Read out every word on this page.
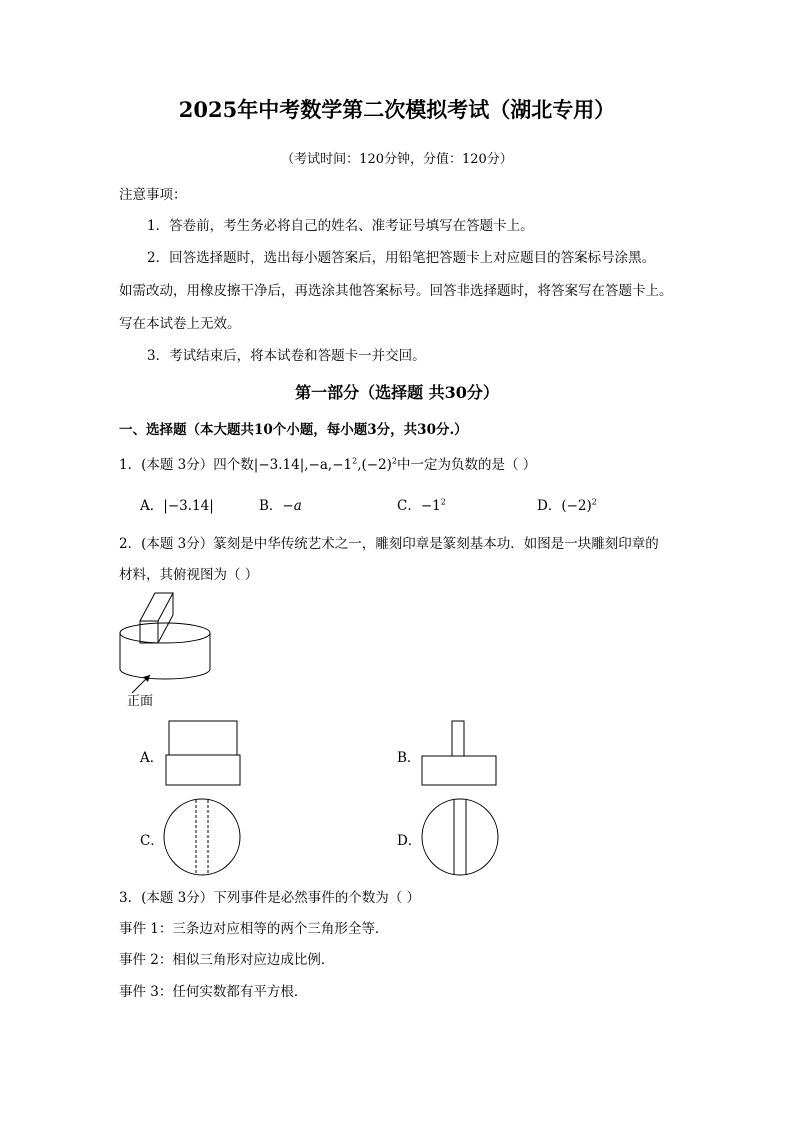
2025年中考数学第二次模拟考试（湖北专用）
（考试时间：120分钟，分值：120分）
注意事项：
1．答卷前，考生务必将自己的姓名、准考证号填写在答题卡上。
2．回答选择题时，选出每小题答案后，用铅笔把答题卡上对应题目的答案标号涂黑。
如需改动，用橡皮擦干净后，再选涂其他答案标号。回答非选择题时，将答案写在答题卡上。
写在本试卷上无效。
3．考试结束后，将本试卷和答题卡一并交回。
第一部分（选择题 共30分）
一、选择题（本大题共10个小题，每小题3分，共30分.）
1．(本题 3分）四个数$|-3.14|,-a,-1^2,(-2)^2$中一定为负数的是（ ）
A．|−3.14|	B．−a	C．$-1^2$	D．$(-2)^2$
2．(本题 3分）篆刻是中华传统艺术之一，雕刻印章是篆刻基本功．如图是一块雕刻印章的
材料，其俯视图为（ ）
正面
A．	B．
C．	D．
3．(本题 3分）下列事件是必然事件的个数为（ ）
事件 1：三条边对应相等的两个三角形全等．
事件 2：相似三角形对应边成比例．
事件 3：任何实数都有平方根．
